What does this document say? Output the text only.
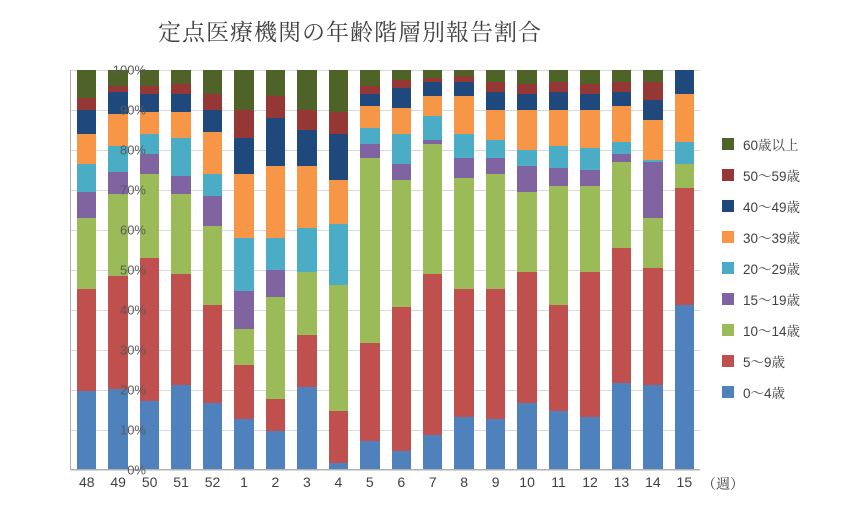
定点医療機関の年齢階層別報告割合
48	49	50	51	52	1	2	3	4	5	6	7	8	9	10	11	12	13	14	15
0%
10%
20%
30%
40%
50%
60%
70%
80%
90%
100%
（週）
60歳以上
50〜59歳
40〜49歳
30〜39歳
20〜29歳
15〜19歳
10〜14歳
5〜9歳
0〜4歳
